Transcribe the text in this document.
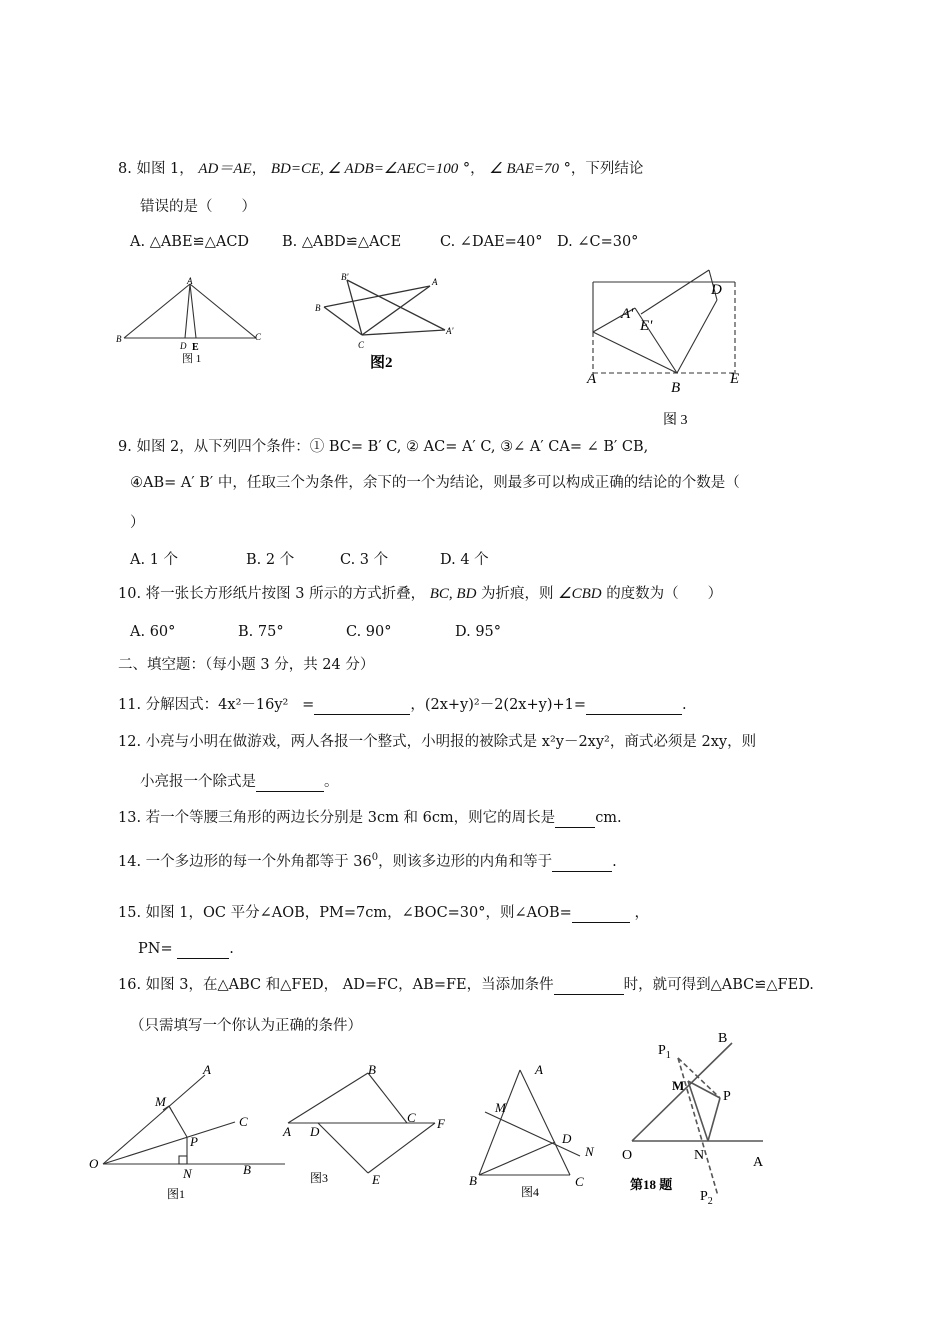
8. 如图 1， AD＝AE， BD=CE, ∠ ADB=∠AEC=100 °， ∠ BAE=70 °，下列结论
错误的是（　　）
A. △ABE≌△ACD B. △ABD≌△ACE	C. ∠DAE=40° D. ∠C=30°
A
B	C
D E
图 1
B'
B
A
A'
C
图2
A'
E'
D
A
B
E
图 3
9. 如图 2，从下列四个条件：① BC= B′ C, ② AC= A′ C, ③∠ A′ CA= ∠ B′ CB,
④AB= A′ B′ 中，任取三个为条件，余下的一个为结论，则最多可以构成正确的结论的个数是（
）
A. 1 个	B. 2 个	C. 3 个	D. 4 个
10. 将一张长方形纸片按图 3 所示的方式折叠， BC, BD 为折痕，则 ∠CBD 的度数为（　　）
A. 60°	B. 75°	C. 90°	D. 95°
二、填空题：（每小题 3 分，共 24 分）
11. 分解因式：4x²－16y² =	，(2x+y)²－2(2x+y)+1=	.
12. 小亮与小明在做游戏，两人各报一个整式，小明报的被除式是 x²y－2xy²，商式必须是 2xy，则
小亮报一个除式是	。
13. 若一个等腰三角形的两边长分别是 3cm 和 6cm，则它的周长是	cm.
14. 一个多边形的每一个外角都等于 $36^0$，则该多边形的内角和等于	.
15. 如图 1，OC 平分∠AOB，PM=7cm，∠BOC=30°，则∠AOB=	，
PN=	.
16. 如图 3，在△ABC 和△FED， AD=FC，AB=FE，当添加条件	时，就可得到△ABC≌△FED.
（只需填写一个你认为正确的条件）
O
M
A
C
P
N	B
图1
B
A D
C F
E
图3
A
M
D
N
B	C
图4
$P_1$
B
M
P
O	N	A
第18 题
$P_2$
